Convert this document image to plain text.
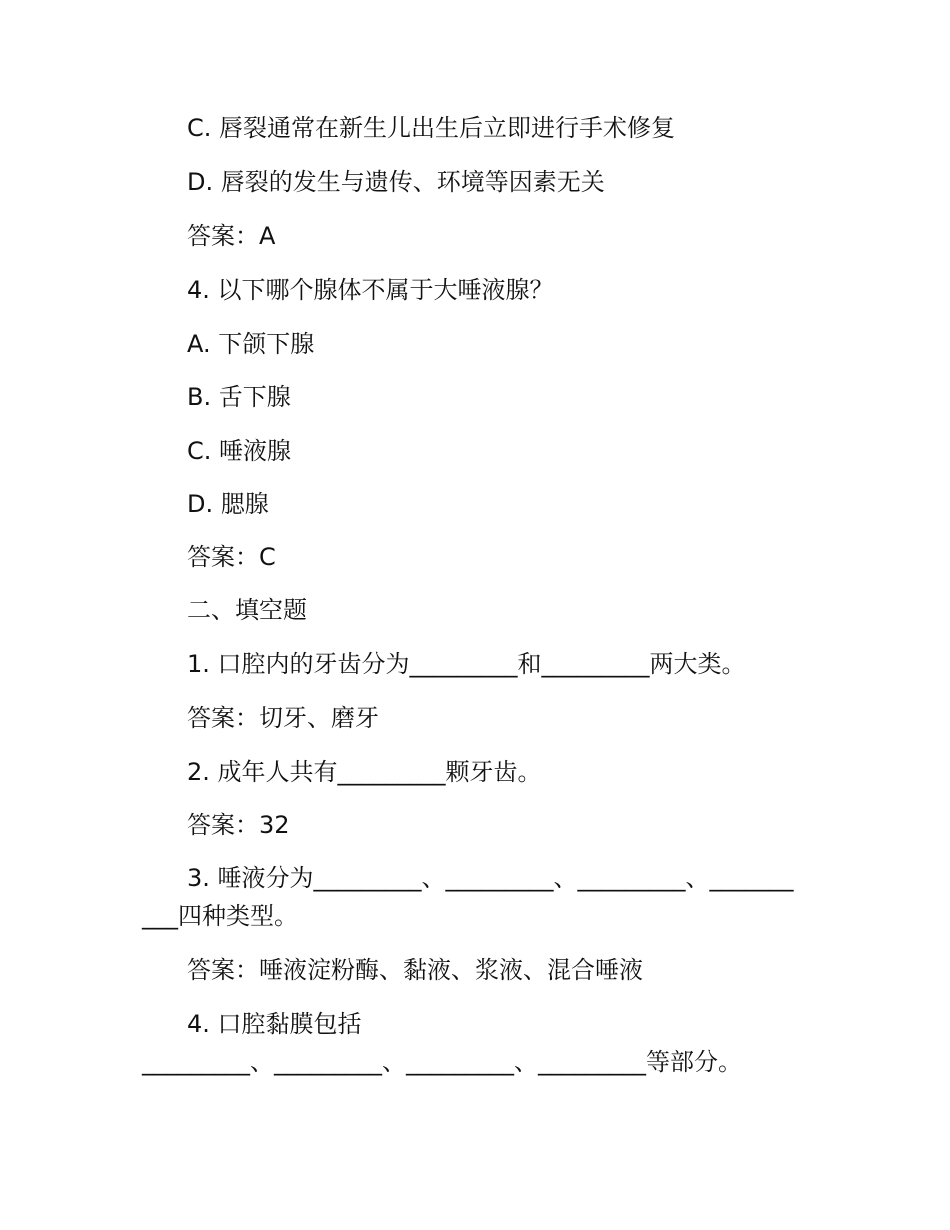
C. 唇裂通常在新生儿出生后立即进行手术修复
D. 唇裂的发生与遗传、环境等因素无关
答案：A
4. 以下哪个腺体不属于大唾液腺？
A. 下颌下腺
B. 舌下腺
C. 唾液腺
D. 腮腺
答案：C
二、填空题
1. 口腔内的牙齿分为_________和_________两大类。
答案：切牙、磨牙
2. 成年人共有_________颗牙齿。
答案：32
3. 唾液分为_________、_________、_________、_______
___四种类型。
答案：唾液淀粉酶、黏液、浆液、混合唾液
4. 口腔黏膜包括
_________、_________、_________、_________等部分。
